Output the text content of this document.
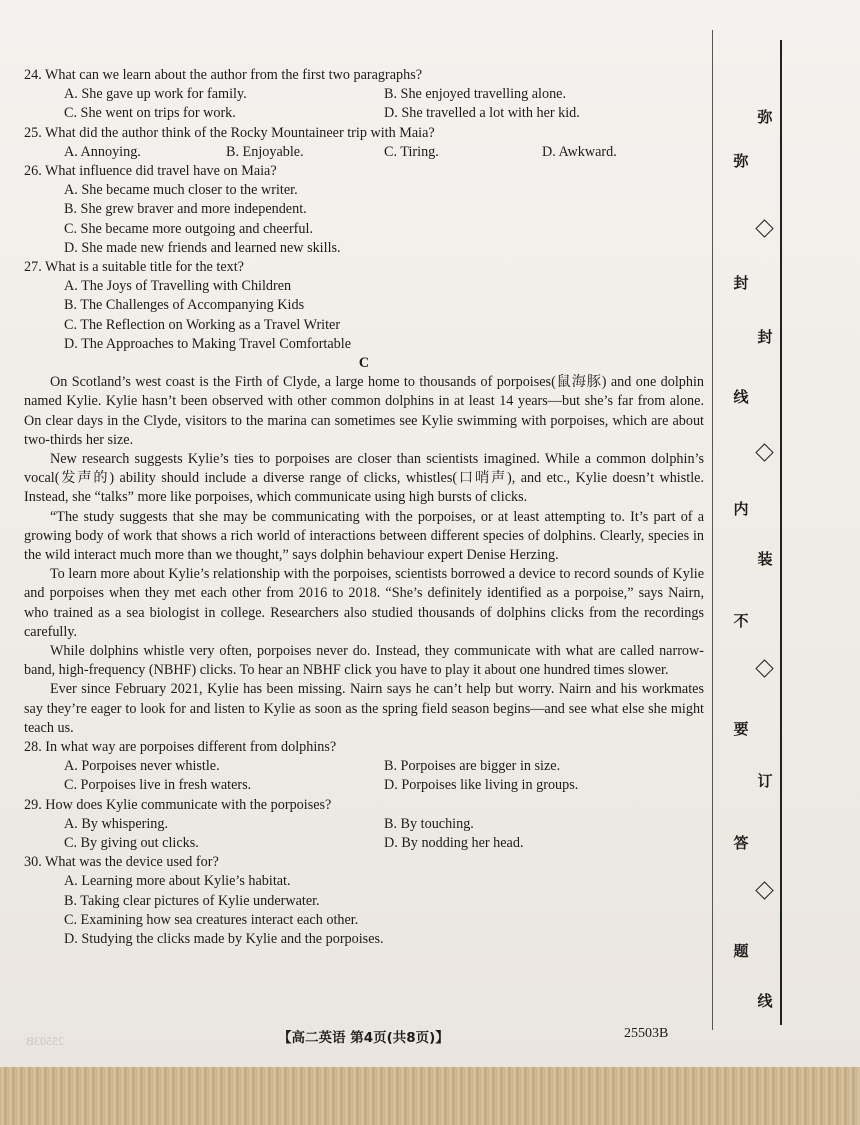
24. What can we learn about the author from the first two paragraphs?

A. She gave up work for family.	B. She enjoyed travelling alone.
C. She went on trips for work.	D. She travelled a lot with her kid.

25. What did the author think of the Rocky Mountaineer trip with Maia?

A. Annoying.	B. Enjoyable.	C. Tiring.	D. Awkward.

26. What influence did travel have on Maia?

A. She became much closer to the writer.

B. She grew braver and more independent.

C. She became more outgoing and cheerful.

D. She made new friends and learned new skills.

27. What is a suitable title for the text?

A. The Joys of Travelling with Children

B. The Challenges of Accompanying Kids

C. The Reflection on Working as a Travel Writer

D. The Approaches to Making Travel Comfortable

C

On Scotland’s west coast is the Firth of Clyde, a large home to thousands of porpoises(鼠海豚) and one dolphin named Kylie. Kylie hasn’t been observed with other common dolphins in at least 14 years—but she’s far from alone. On clear days in the Clyde, visitors to the marina can sometimes see Kylie swimming with porpoises, which are about two-thirds her size.

New research suggests Kylie’s ties to porpoises are closer than scientists imagined. While a common dolphin’s vocal(发声的) ability should include a diverse range of clicks, whistles(口哨声), and etc., Kylie doesn’t whistle. Instead, she “talks” more like porpoises, which communicate using high bursts of clicks.

“The study suggests that she may be communicating with the porpoises, or at least attempting to. It’s part of a growing body of work that shows a rich world of interactions between different species of dolphins. Clearly, species in the wild interact much more than we thought,” says dolphin behaviour expert Denise Herzing.

To learn more about Kylie’s relationship with the porpoises, scientists borrowed a device to record sounds of Kylie and porpoises when they met each other from 2016 to 2018. “She’s definitely identified as a porpoise,” says Nairn, who trained as a sea biologist in college. Researchers also studied thousands of dolphins clicks from the recordings carefully.

While dolphins whistle very often, porpoises never do. Instead, they communicate with what are called narrow-band, high-frequency (NBHF) clicks. To hear an NBHF click you have to play it about one hundred times slower.

Ever since February 2021, Kylie has been missing. Nairn says he can’t help but worry. Nairn and his workmates say they’re eager to look for and listen to Kylie as soon as the spring field season begins—and see what else she might teach us.

28. In what way are porpoises different from dolphins?

A. Porpoises never whistle.	B. Porpoises are bigger in size.
C. Porpoises live in fresh waters.	D. Porpoises like living in groups.

29. How does Kylie communicate with the porpoises?

A. By whispering.	B. By touching.
C. By giving out clicks.	D. By nodding her head.

30. What was the device used for?

A. Learning more about Kylie’s habitat.

B. Taking clear pictures of Kylie underwater.

C. Examining how sea creatures interact each other.

D. Studying the clicks made by Kylie and the porpoises.

【高二英语 第4页(共8页)】	25503B
25503B
弥
弥
封
封
线
内
装
不
要
订
答
题
线
